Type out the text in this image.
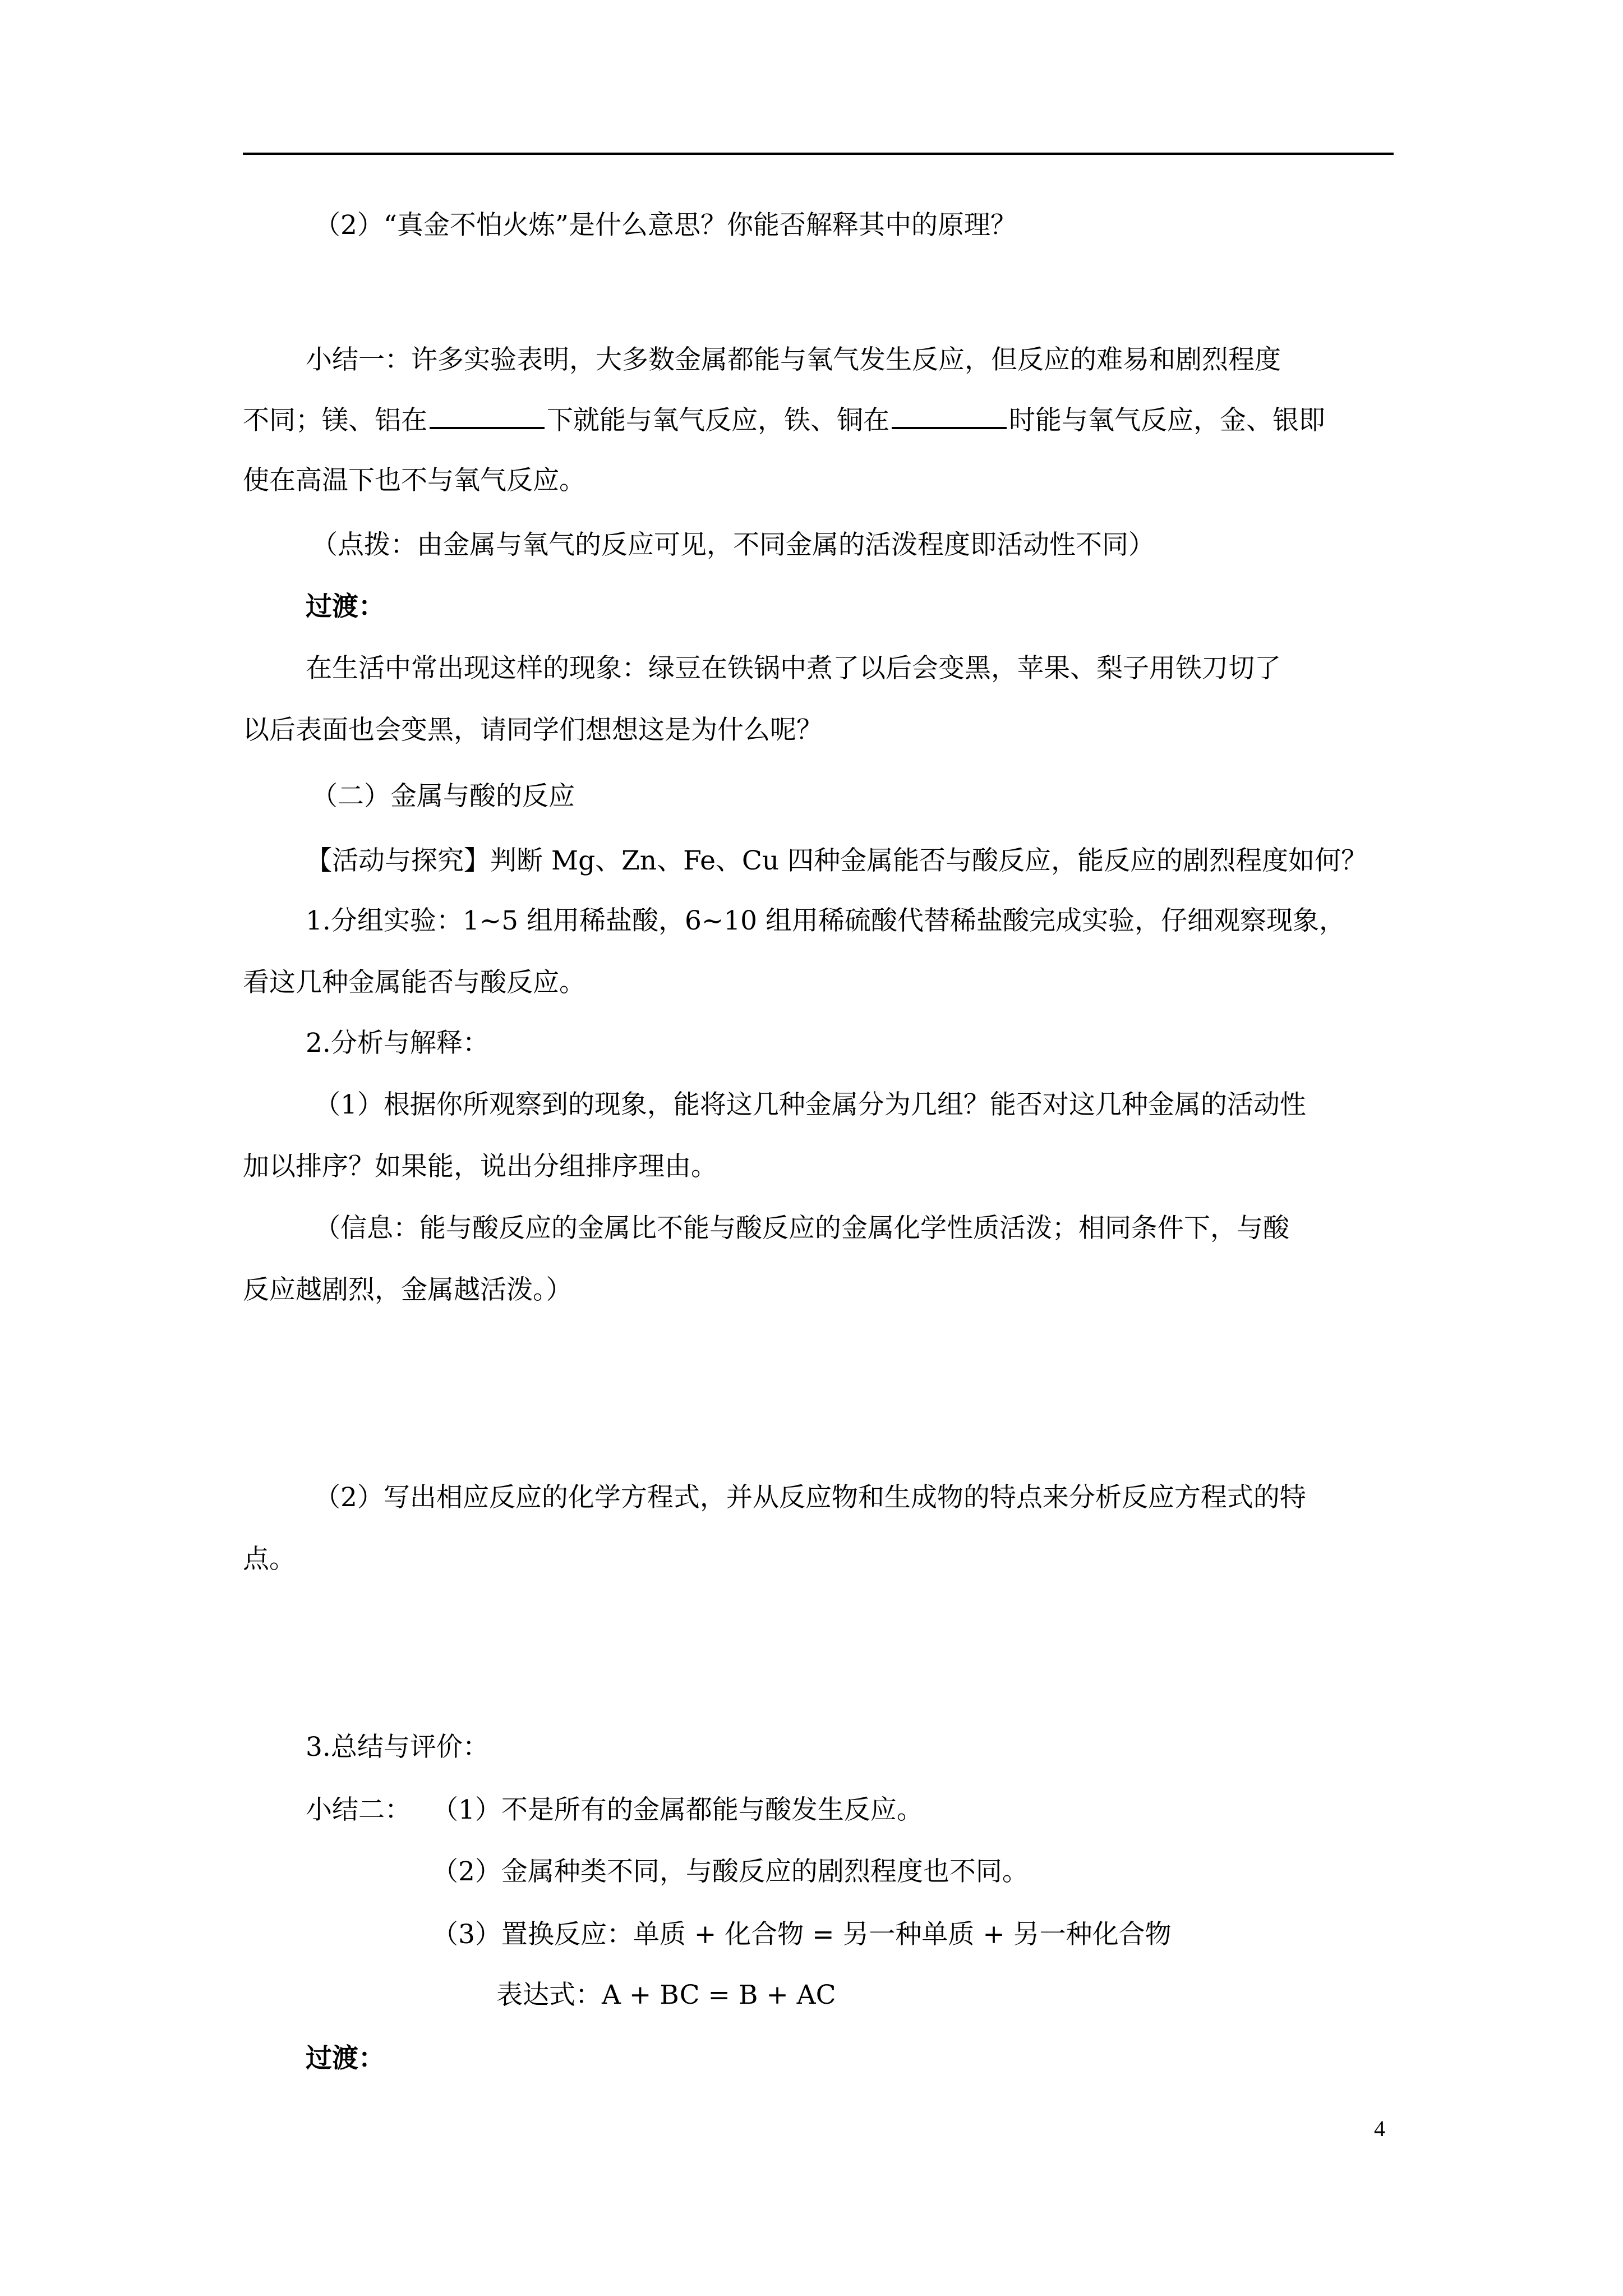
（2）“真金不怕火炼”是什么意思？你能否解释其中的原理？
小结一：许多实验表明，大多数金属都能与氧气发生反应，但反应的难易和剧烈程度
不同；镁、铝在	下就能与氧气反应，铁、铜在	时能与氧气反应，金、银即
使在高温下也不与氧气反应。
（点拨：由金属与氧气的反应可见，不同金属的活泼程度即活动性不同）
过渡：
在生活中常出现这样的现象：绿豆在铁锅中煮了以后会变黑，苹果、梨子用铁刀切了
以后表面也会变黑，请同学们想想这是为什么呢？
（二）金属与酸的反应
【活动与探究】判断 Mg、Zn、Fe、Cu 四种金属能否与酸反应，能反应的剧烈程度如何？
1.分组实验：1~5 组用稀盐酸，6~10 组用稀硫酸代替稀盐酸完成实验，仔细观察现象，
看这几种金属能否与酸反应。
2.分析与解释：
（1）根据你所观察到的现象，能将这几种金属分为几组？能否对这几种金属的活动性
加以排序？如果能，说出分组排序理由。
（信息：能与酸反应的金属比不能与酸反应的金属化学性质活泼；相同条件下，与酸
反应越剧烈，金属越活泼。）
（2）写出相应反应的化学方程式，并从反应物和生成物的特点来分析反应方程式的特
点。
3.总结与评价：
小结二： （1）不是所有的金属都能与酸发生反应。
（2）金属种类不同，与酸反应的剧烈程度也不同。
（3）置换反应：单质 + 化合物 = 另一种单质 + 另一种化合物
表达式：A + BC = B + AC
过渡：
4
